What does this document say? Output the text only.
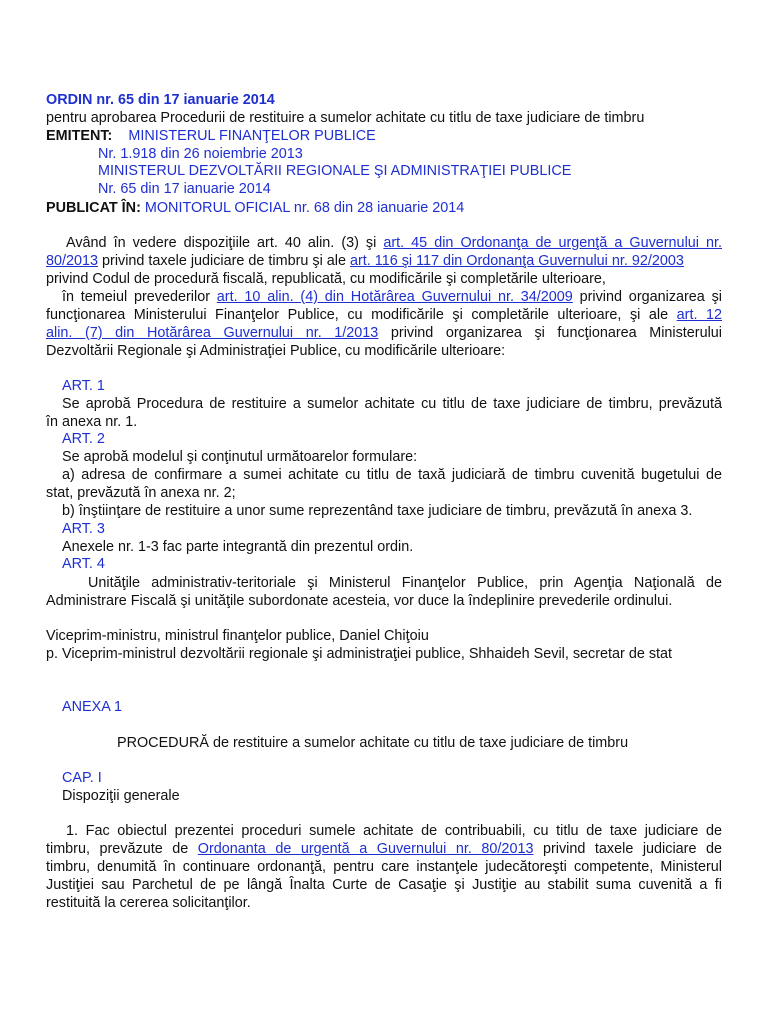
ORDIN nr. 65 din 17 ianuarie 2014
pentru aprobarea Procedurii de restituire a sumelor achitate cu titlu de taxe judiciare de timbru
EMITENT: MINISTERUL FINANŢELOR PUBLICE
Nr. 1.918 din 26 noiembrie 2013
MINISTERUL DEZVOLTĂRII REGIONALE ŞI ADMINISTRAŢIEI PUBLICE
Nr. 65 din 17 ianuarie 2014
PUBLICAT ÎN: MONITORUL OFICIAL nr. 68 din 28 ianuarie 2014
Având în vedere dispoziţiile art. 40 alin. (3) şi art. 45 din Ordonanţa de urgenţă a Guvernului nr.
80/2013 privind taxele judiciare de timbru şi ale art. 116 şi 117 din Ordonanţa Guvernului nr. 92/2003
privind Codul de procedură fiscală, republicată, cu modificările şi completările ulterioare,
în temeiul prevederilor art. 10 alin. (4) din Hotărârea Guvernului nr. 34/2009 privind organizarea şi
funcţionarea Ministerului Finanţelor Publice, cu modificările şi completările ulterioare, şi ale art. 12
alin. (7) din Hotărârea Guvernului nr. 1/2013 privind organizarea şi funcţionarea Ministerului
Dezvoltării Regionale şi Administraţiei Publice, cu modificările ulterioare:
ART. 1
Se aprobă Procedura de restituire a sumelor achitate cu titlu de taxe judiciare de timbru, prevăzută
în anexa nr. 1.
ART. 2
Se aprobă modelul şi conţinutul următoarelor formulare:
a) adresa de confirmare a sumei achitate cu titlu de taxă judiciară de timbru cuvenită bugetului de
stat, prevăzută în anexa nr. 2;
b) înştiinţare de restituire a unor sume reprezentând taxe judiciare de timbru, prevăzută în anexa 3.
ART. 3
Anexele nr. 1-3 fac parte integrantă din prezentul ordin.
ART. 4
Unităţile administrativ-teritoriale şi Ministerul Finanţelor Publice, prin Agenţia Naţională de
Administrare Fiscală şi unităţile subordonate acesteia, vor duce la îndeplinire prevederile ordinului.
Viceprim-ministru, ministrul finanţelor publice, Daniel Chiţoiu
p. Viceprim-ministrul dezvoltării regionale şi administraţiei publice, Shhaideh Sevil, secretar de stat
ANEXA 1
PROCEDURĂ de restituire a sumelor achitate cu titlu de taxe judiciare de timbru
CAP. I
Dispoziţii generale
1. Fac obiectul prezentei proceduri sumele achitate de contribuabili, cu titlu de taxe judiciare de
timbru, prevăzute de Ordonanta de urgentă a Guvernului nr. 80/2013 privind taxele judiciare de
timbru, denumită în continuare ordonanţă, pentru care instanţele judecătoreşti competente, Ministerul
Justiţiei sau Parchetul de pe lângă Înalta Curte de Casaţie şi Justiţie au stabilit suma cuvenită a fi
restituită la cererea solicitanţilor.
